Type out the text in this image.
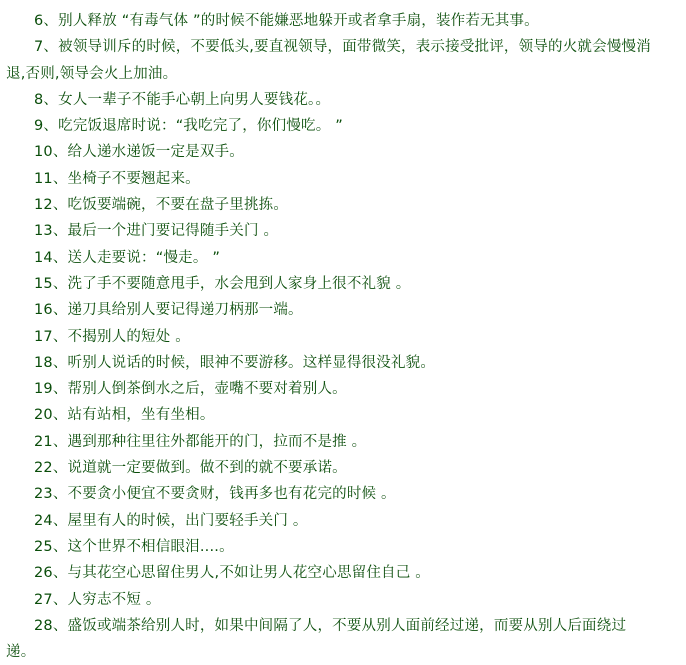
6、别人释放 “有毒气体 ”的时候不能嫌恶地躲开或者拿手扇，装作若无其事。
7、被领导训斥的时候，不要低头,要直视领导，面带微笑，表示接受批评，领导的火就会慢慢消
退,否则,领导会火上加油。
8、女人一辈子不能手心朝上向男人要钱花。。
9、吃完饭退席时说：“我吃完了，你们慢吃。 ”
10、给人递水递饭一定是双手。
11、坐椅子不要翘起来。
12、吃饭要端碗，不要在盘子里挑拣。
13、最后一个进门要记得随手关门 。
14、送人走要说：“慢走。 ”
15、洗了手不要随意甩手，水会甩到人家身上很不礼貌 。
16、递刀具给别人要记得递刀柄那一端。
17、不揭别人的短处 。
18、听别人说话的时候，眼神不要游移。这样显得很没礼貌。
19、帮别人倒茶倒水之后，壶嘴不要对着别人。
20、站有站相，坐有坐相。
21、遇到那种往里往外都能开的门，拉而不是推 。
22、说道就一定要做到。做不到的就不要承诺。
23、不要贪小便宜不要贪财，钱再多也有花完的时候 。
24、屋里有人的时候，出门要轻手关门 。
25、这个世界不相信眼泪....。
26、与其花空心思留住男人,不如让男人花空心思留住自己 。
27、人穷志不短 。
28、盛饭或端茶给别人时，如果中间隔了人，不要从别人面前经过递，而要从别人后面绕过
递。
